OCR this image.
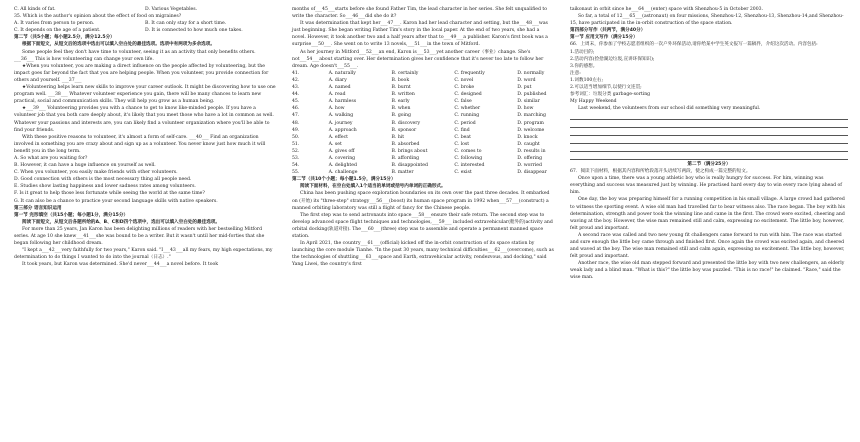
C. All kinds of fat.	D. Various Vegetables.

35. Which is the author's opinion about the effect of food on migraines?

A. It varies from person to person.	B. It can only stay for a short time.
C. It depends on the age of a patient.	D. It is connected to how much one takes.

第二节（共5小题；每小题2.5分，满分12.5分）

根据下面短文，从短文后的选项中选出可以填入空白处的最佳选项。选项中有两项为多余选项。

Some people feel they don't have time to volunteer, seeing it as an activity that only benefits others. ___36___ This is how volunteering can change your own life.

★When you volunteer, you are making a direct influence on the people affected by volunteering, but the impact goes far beyond the fact that you are helping people. When you volunteer, you provide connection for others and yourself. ___37___

★Volunteering helps learn new skills to improve your career outlook. It might be discovering how to use one program well. ___38___ Whatever volunteer experience you gain, there will be many chances to learn new practical, social and communication skills. They will help you grow as a human being.

★___39___ Volunteering provides you with a chance to get to know like-minded people. If you have a volunteer job that you both care deeply about, it's likely that you meet those who have a lot in common as well. Whatever your passions and interests are, you can likely find a volunteer organization where you'll be able to find your friends.

With these positive reasons to volunteer, it's almost a form of self-care. ___40___ Find an organization involved in something you are crazy about and sign up as a volunteer. You never know just how much it will benefit you in the long term.

A. So what are you waiting for?

B. However, it can have a huge influence on yourself as well.

C. When you volunteer, you easily make friends with other volunteers.

D. Good connection with others is the most necessary thing all people need.

E. Studies show lasting happiness and lower sadness rates among volunteers.

F. Is it great to help those less fortunate while seeing the world at the same time?

G. It can also be a chance to practice your second language skills with native speakers.

第三部分 语言知识运用

第一节 完形填空（共15小题；每小题1分，满分15分）

阅读下面短文，从短文后各题所给的A、B、C和D四个选项中，选出可以填入空白处的最佳选项。

For more than 25 years, Jan Karon has been delighting millions of readers with her bestselling Mitford series. At age 10 she knew___41___she was bound to be a writer. But it wasn't until her mid-forties that she began following her childhood dream.

"I kept a___42___very faithfully for two years," Karon said. "I___43___all my fears, my high expectations, my determination to do things I wanted to do into the journal（日志）."

It took years, but Karon was determined. She'd never___44___a novel before. It took

months of___45___starts before she found Father Tim, the lead character in her series. She felt unqualified to write the character. So___46___did she do it?

It was determination that kept her___47___. Karon had her lead character and setting, but the___48___was just beginning. She began writing Father Tim's story in the local paper. At the end of two years, she had a novel. However, it took another two and a half years after that to___49___a publisher. Karon's first book was a surprise___50___. She went on to write 13 novels,___51___in the town of Mitford.

As her journey in Mitford___52___an end, Karon is___53___yet another career（事业）change. She's not___54___about starting over. Her determination gives her confidence that it's never too late to follow her dream. Age doesn't___55___.

41.	A. naturally	B. certainly	C. frequently	D. normally
42.	A. diary	B. book	C. novel	D. word
43.	A. named	B. burnt	C. broke	D. put
44.	A. read	B. written	C. designed	D. published
45.	A. harmless	B. early	C. false	D. similar
46.	A. how	B. when	C. whether	D. how
47.	A. walking	B. going	C. running	D. marching
48.	A. journey	B. discovery	C. period	D. program
49.	A. approach	B. sponsor	C. find	D. welcome
50.	A. effect	B. hit	C. beat	D. knock
51.	A. set	B. absorbed	C. lost	D. caught
52.	A. gives off	B. brings about	C. comes to	D. results in
53.	A. covering	B. affording	C. following	D. offering
54.	A. delighted	B. disappointed	C. interested	D. worried
55.	A. challenge	B. matter	C. exist	D. disappear

第二节（共10个小题；每小题1.5分，满分15分）

阅读下面材料，在空白处填入1个适当的单词或括号内单词的正确形式。

China has been pushing space exploration boundaries on its own over the past three decades. It embarked on (开始) its "three-step" strategy___56___(boost) its human space program in 1992 when___57___(construct) a manned orbiting laboratory was still a flight of fancy for the Chinese people.

The first step was to send astronauts into space___58___ensure their safe return. The second step was to develop advanced space flight techniques and technologies,___59___ included extravehicular(舱外的)activity and orbital docking(轨道对接). The___60___(three) step was to assemble and operate a permanent manned space station.

In April 2021, the country___61___(official) kicked off the in-orbit construction of its space station by launching the core module Tianhe. "In the past 30 years, many technical difficulties___62___(overcome), such as the technologies of shuttling___63___space and Earth, extravehicular activity, rendezvous, and docking," said Yang Liwei, the country's first

taikonaut in orbit since he___64___(enter) space with Shenzhou-5 in October 2003.

So far, a total of 12___65___(astronaut) on four missions, Shenzhou-12, Shenzhou-13, Shenzhou-14,and Shenzhou-15, have participated in the in-orbit construction of the space station.

第四部分写作（共两节，满分40分）

第一节 应用文写作（满分15分）

66．上周末，你参加了学校志愿者组织的一次户外环保活动,请你给某中学生英文报写一篇稿件，介绍这次活动。内容包括:

1.活动目的;

2.活动内容(捡拾湖边垃圾,宣讲环保知识);

3.你的感想。

注意:

1.词数100左右;

2.可以适当增加细节,以使行文连贯;

参考词汇：垃圾分类 garbage-sorting

My Happy Weekend

Last weekend, the volunteers from our school did something very meaningful.

第二节（满分25分）

67．阅读下面材料，根据其内容和所给段落开头语续写两段，使之构成一篇完整的短文。

Once upon a time, there was a young athletic boy who is really hungry for success. For him, winning was everything and success was measured just by winning. He practised hard every day to win every race lying ahead of him.

One day, the boy was preparing himself for a running competition in his small village. A large crowd had gathered to witness the sporting event. A wise old man had travelled far to bear witness also. The race began. The boy with his determination, strength and power took the winning line and came in the first. The crowd were excited, cheering and waving at the boy. However, the wise man remained still and calm, expressing no excitement. The little boy, however, felt proud and important.

A second race was called and two new young fit challengers came forward to run with him. The race was started and sure enough the little boy came through and finished first. Once again the crowd was excited again, and cheered and waved at the boy. The wise man remained still and calm again, expressing no excitement. The little boy, however, felt proud and important.

Another race, the wise old man stepped forward and presented the little boy with two new challengers, an elderly weak lady and a blind man. "What is this?" the little boy was puzzled. "This is no race!" he claimed. "Race," said the wise man.
